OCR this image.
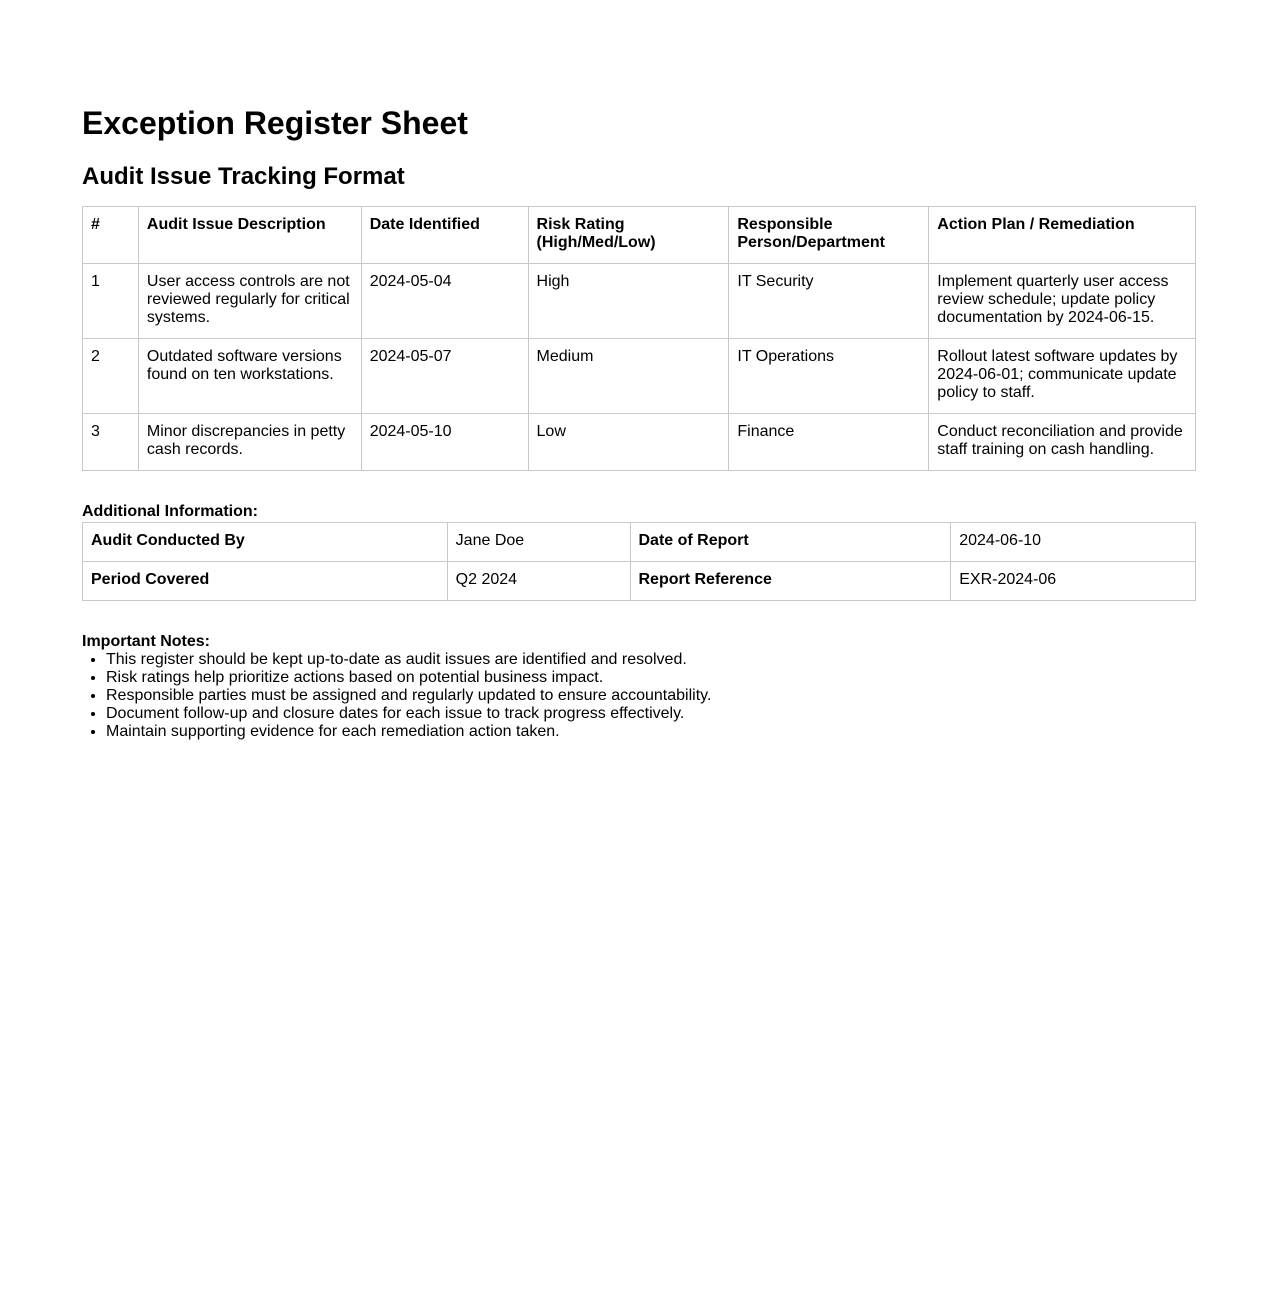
Exception Register Sheet
Audit Issue Tracking Format
#	Audit Issue Description	Date Identified	Risk Rating (High/Med/Low)	Responsible Person/Department	Action Plan / Remediation
1	User access controls are not reviewed regularly for critical systems.	2024-05-04	High	IT Security	Implement quarterly user access review schedule; update policy documentation by 2024-06-15.
2	Outdated software versions found on ten workstations.	2024-05-07	Medium	IT Operations	Rollout latest software updates by 2024-06-01; communicate update policy to staff.
3	Minor discrepancies in petty cash records.	2024-05-10	Low	Finance	Conduct reconciliation and provide staff training on cash handling.
Additional Information:
Audit Conducted By	Jane Doe	Date of Report	2024-06-10
Period Covered	Q2 2024	Report Reference	EXR-2024-06
Important Notes:
• This register should be kept up-to-date as audit issues are identified and resolved.
• Risk ratings help prioritize actions based on potential business impact.
• Responsible parties must be assigned and regularly updated to ensure accountability.
• Document follow-up and closure dates for each issue to track progress effectively.
• Maintain supporting evidence for each remediation action taken.
